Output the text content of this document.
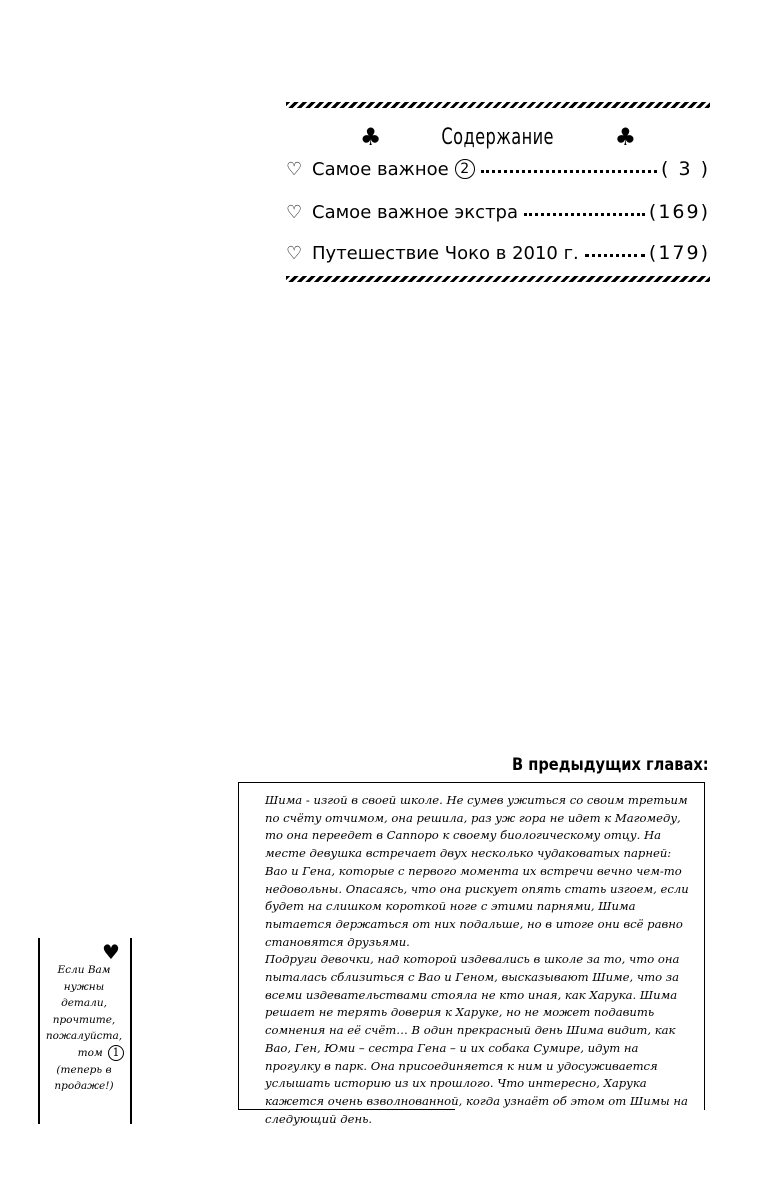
♣	Содержание	♣
♡ Самое важное 2	( 3 )
♡ Самое важное экстра	(169)
♡ Путешествие Чоко в 2010 г.	(179)
В предыдущих главах:

Шима - изгой в своей школе. Не сумев ужиться со своим третьим по счёту отчимом, она решила, раз уж гора не идет к Магомеду, то она переедет в Саппоро к своему биологическому отцу. На месте девушка встречает двух несколько чудаковатых парней: Вао и Гена, которые с первого момента их встречи вечно чем-то недовольны. Опасаясь, что она рискует опять стать изгоем, если будет на слишком короткой ноге с этими парнями, Шима пытается держаться от них подальше, но в итоге они всё равно становятся друзьями.

Подруги девочки, над которой издевались в школе за то, что она пыталась сблизиться с Вао и Геном, высказывают Шиме, что за всеми издевательствами стояла не кто иная, как Харука. Шима решает не терять доверия к Харуке, но не может подавить сомнения на её счёт… В один прекрасный день Шима видит, как Вао, Ген, Юми – сестра Гена – и их собака Сумире, идут на прогулку в парк. Она присоединяется к ним и удосуживается услышать историю из их прошлого. Что интересно, Харука кажется очень взволнованной, когда узнаёт об этом от Шимы на следующий день.

♥
Если Вам
нужны
детали,
прочтите,
пожалуйста,
том 1
(теперь в
продаже!)
